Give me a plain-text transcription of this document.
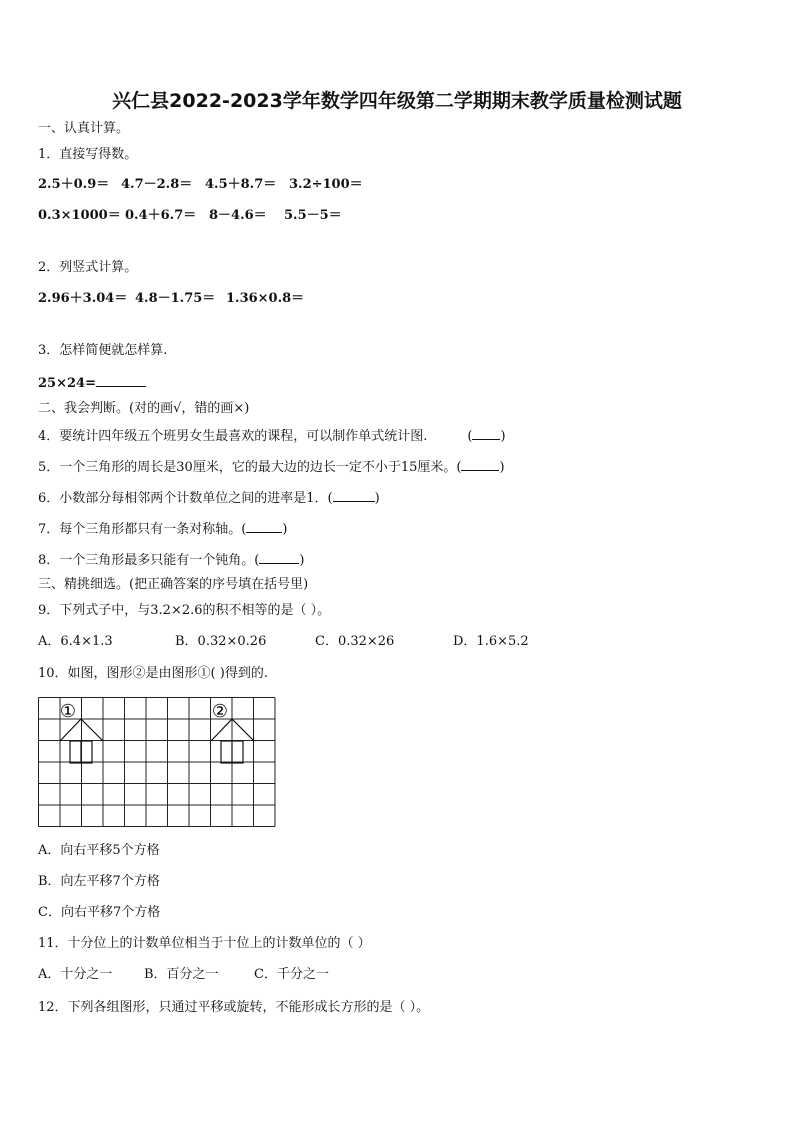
兴仁县2022-2023学年数学四年级第二学期期末教学质量检测试题
一、认真计算。
1．直接写得数。
2.5＋0.9＝ 4.7－2.8＝ 4.5＋8.7＝ 3.2÷100＝
0.3×1000＝ 0.4＋6.7＝ 8－4.6＝ 5.5－5＝
2．列竖式计算。
2.96＋3.04＝ 4.8－1.75＝ 1.36×0.8＝
3．怎样简便就怎样算.
25×24=
二、我会判断。(对的画√，错的画×)
4．要统计四年级五个班男女生最喜欢的课程，可以制作单式统计图.	( )
5．一个三角形的周长是30厘米，它的最大边的边长一定不小于15厘米。(	)
6．小数部分每相邻两个计数单位之间的进率是1．(	)
7．每个三角形都只有一条对称轴。(	)
8．一个三角形最多只能有一个钝角。(	)
三、精挑细选。(把正确答案的序号填在括号里)
9．下列式子中，与3.2×2.6的积不相等的是（ ）。
A．6.4×1.3	B．0.32×0.26	C．0.32×26	D．1.6×5.2
10．如图，图形②是由图形①( )得到的.
①	②
A．向右平移5个方格
B．向左平移7个方格
C．向右平移7个方格
11．十分位上的计数单位相当于十位上的计数单位的（ ）
A．十分之一 B．百分之一	C．千分之一
12．下列各组图形，只通过平移或旋转，不能形成长方形的是（ ）。
